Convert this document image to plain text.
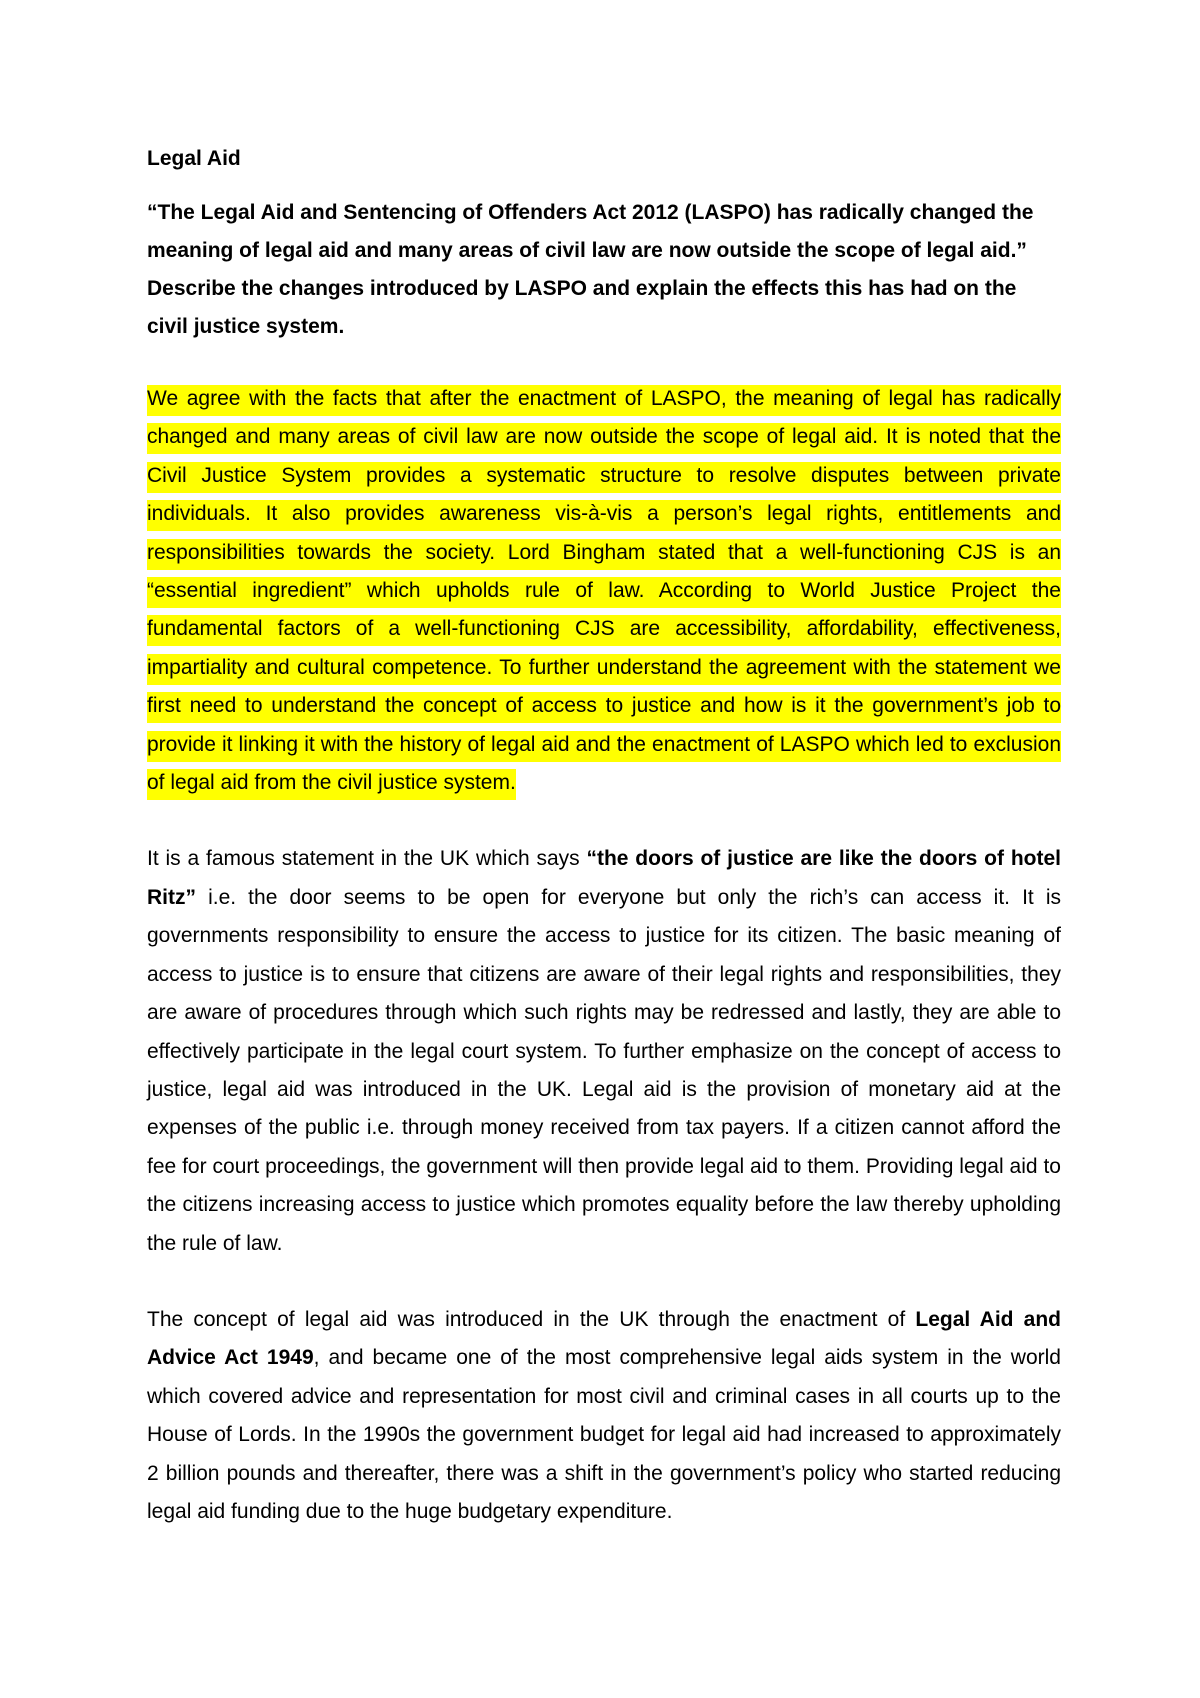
Legal Aid
“The Legal Aid and Sentencing of Offenders Act 2012 (LASPO) has radically changed the meaning of legal aid and many areas of civil law are now outside the scope of legal aid.” Describe the changes introduced by LASPO and explain the effects this has had on the civil justice system.

We agree with the facts that after the enactment of LASPO, the meaning of legal has radically changed and many areas of civil law are now outside the scope of legal aid. It is noted that the Civil Justice System provides a systematic structure to resolve disputes between private individuals. It also provides awareness vis-à-vis a person’s legal rights, entitlements and responsibilities towards the society. Lord Bingham stated that a well-functioning CJS is an “essential ingredient” which upholds rule of law. According to World Justice Project the fundamental factors of a well-functioning CJS are accessibility, affordability, effectiveness, impartiality and cultural competence. To further understand the agreement with the statement we first need to understand the concept of access to justice and how is it the government’s job to provide it linking it with the history of legal aid and the enactment of LASPO which led to exclusion of legal aid from the civil justice system.

It is a famous statement in the UK which says “the doors of justice are like the doors of hotel Ritz” i.e. the door seems to be open for everyone but only the rich’s can access it. It is governments responsibility to ensure the access to justice for its citizen. The basic meaning of access to justice is to ensure that citizens are aware of their legal rights and responsibilities, they are aware of procedures through which such rights may be redressed and lastly, they are able to effectively participate in the legal court system. To further emphasize on the concept of access to justice, legal aid was introduced in the UK. Legal aid is the provision of monetary aid at the expenses of the public i.e. through money received from tax payers. If a citizen cannot afford the fee for court proceedings, the government will then provide legal aid to them. Providing legal aid to the citizens increasing access to justice which promotes equality before the law thereby upholding the rule of law.

The concept of legal aid was introduced in the UK through the enactment of Legal Aid and Advice Act 1949, and became one of the most comprehensive legal aids system in the world which covered advice and representation for most civil and criminal cases in all courts up to the House of Lords. In the 1990s the government budget for legal aid had increased to approximately 2 billion pounds and thereafter, there was a shift in the government’s policy who started reducing legal aid funding due to the huge budgetary expenditure.
